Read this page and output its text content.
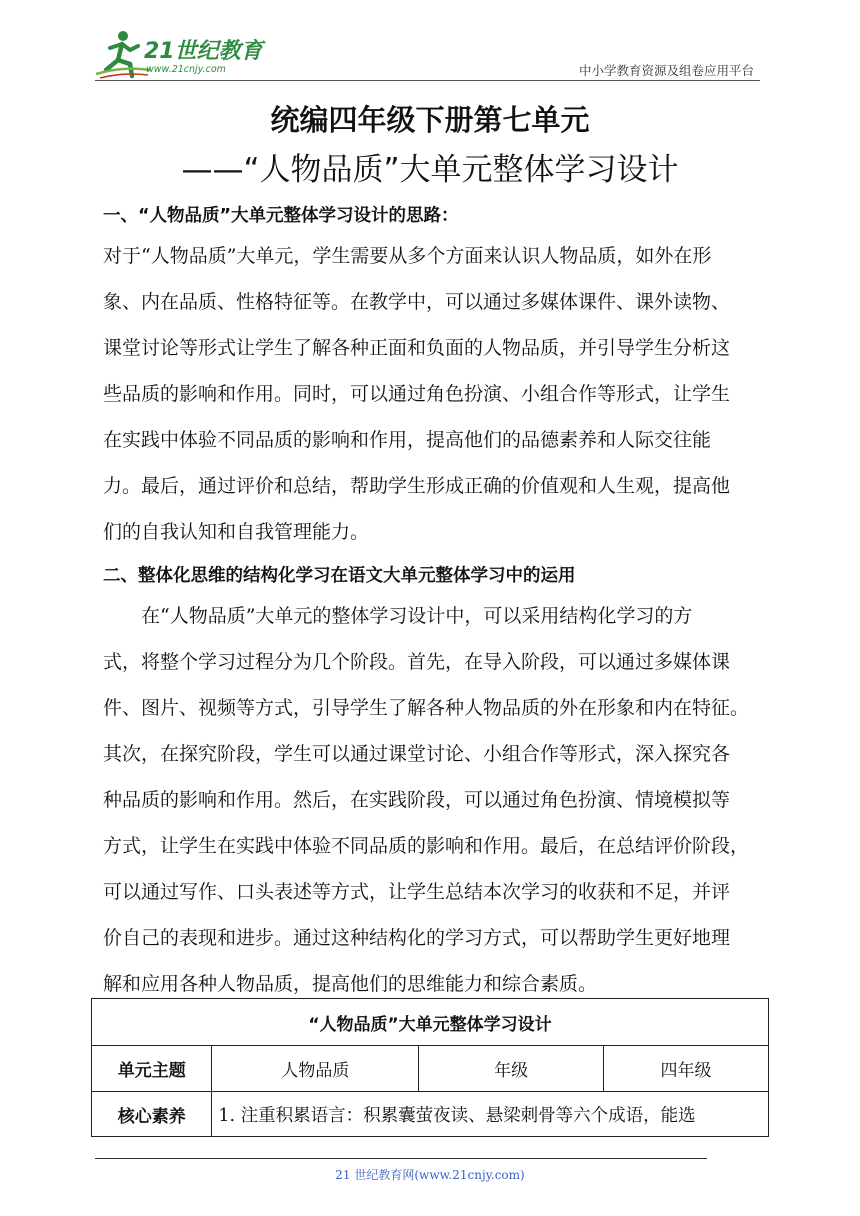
21世纪教育
www.21cnjy.com	中小学教育资源及组卷应用平台
统编四年级下册第七单元
——“人物品质”大单元整体学习设计
一、“人物品质”大单元整体学习设计的思路：
对于“人物品质”大单元，学生需要从多个方面来认识人物品质，如外在形
象、内在品质、性格特征等。在教学中，可以通过多媒体课件、课外读物、
课堂讨论等形式让学生了解各种正面和负面的人物品质，并引导学生分析这
些品质的影响和作用。同时，可以通过角色扮演、小组合作等形式，让学生
在实践中体验不同品质的影响和作用，提高他们的品德素养和人际交往能
力。最后，通过评价和总结，帮助学生形成正确的价值观和人生观，提高他
们的自我认知和自我管理能力。
二、整体化思维的结构化学习在语文大单元整体学习中的运用
　　在“人物品质”大单元的整体学习设计中，可以采用结构化学习的方
式，将整个学习过程分为几个阶段。首先，在导入阶段，可以通过多媒体课
件、图片、视频等方式，引导学生了解各种人物品质的外在形象和内在特征。
其次，在探究阶段，学生可以通过课堂讨论、小组合作等形式，深入探究各
种品质的影响和作用。然后，在实践阶段，可以通过角色扮演、情境模拟等
方式，让学生在实践中体验不同品质的影响和作用。最后，在总结评价阶段，
可以通过写作、口头表述等方式，让学生总结本次学习的收获和不足，并评
价自己的表现和进步。通过这种结构化的学习方式，可以帮助学生更好地理
解和应用各种人物品质，提高他们的思维能力和综合素质。
“人物品质”大单元整体学习设计			
单元主题	人物品质	年级	四年级
核心素养	1. 注重积累语言：积累囊萤夜读、悬梁刺骨等六个成语，能选		
21 世纪教育网(www.21cnjy.com)
